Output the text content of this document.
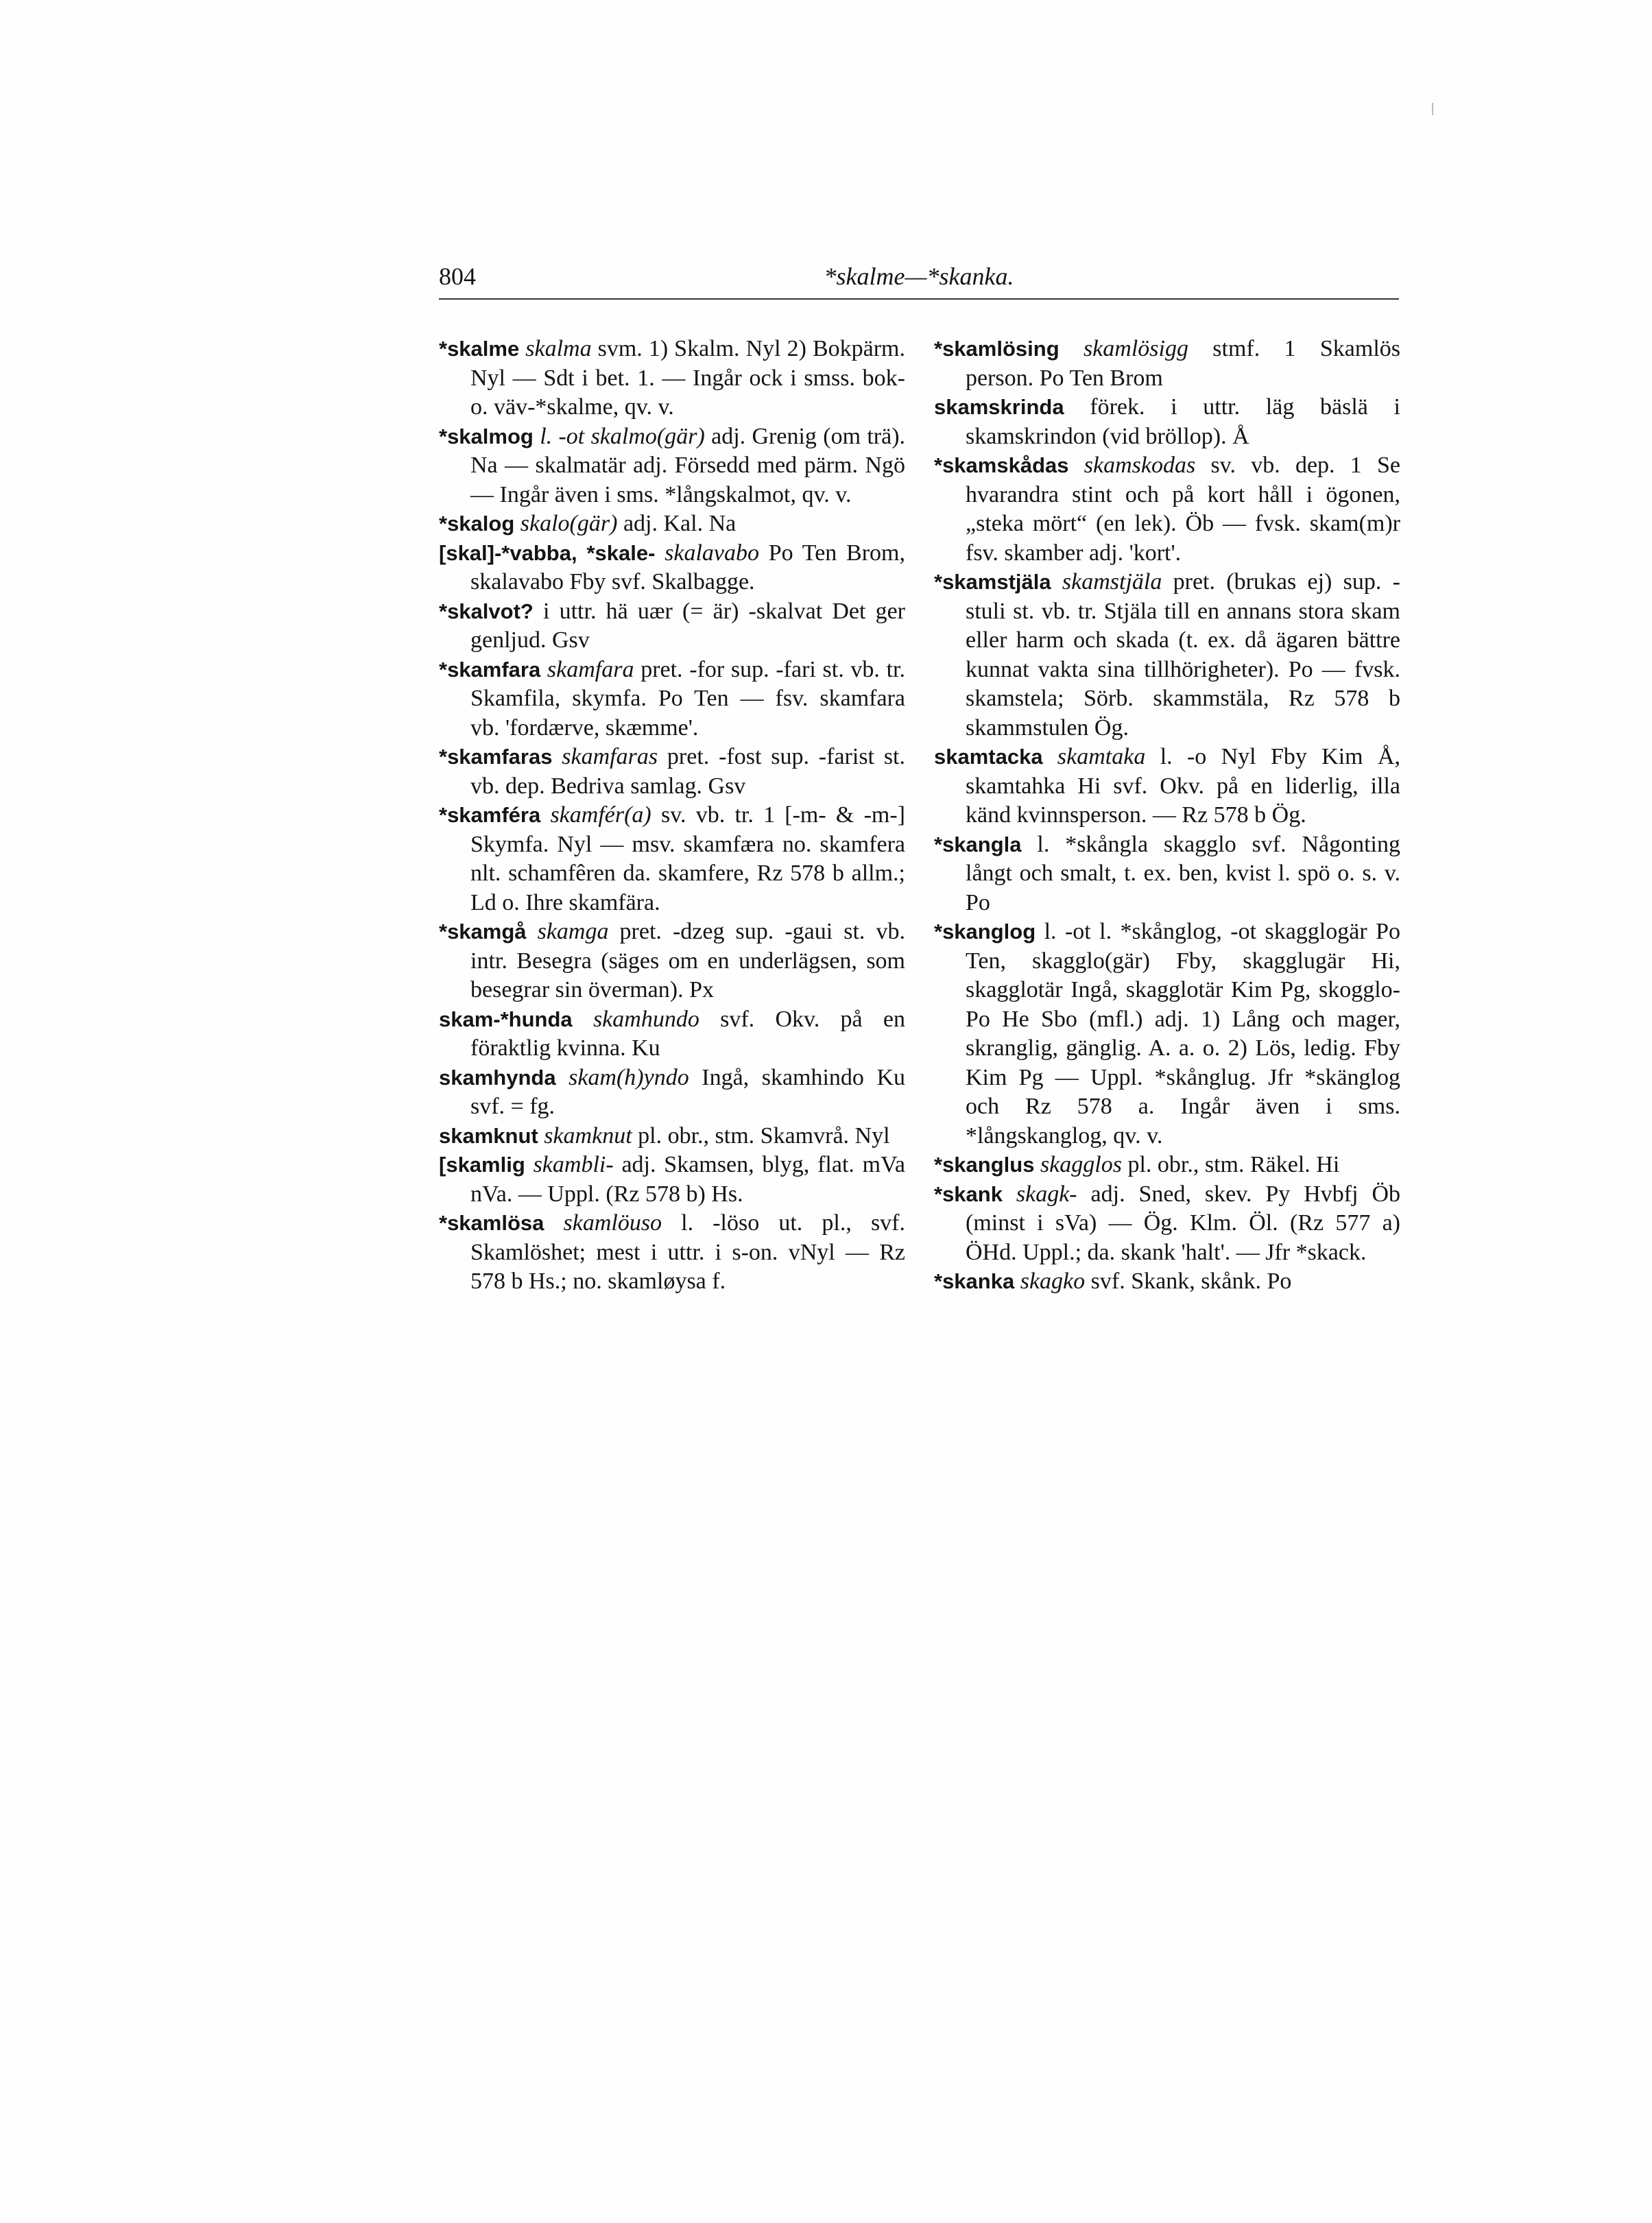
804	*skalme—*skanka.

*skalme skalma svm. 1) Skalm. Nyl 2) Bokpärm. Nyl — Sdt i bet. 1. — Ingår ock i smss. bok- o. väv-*skalme, qv. v.

*skalmog l. -ot skalmo(gär) adj. Grenig (om trä). Na — skalmatär adj. Försedd med pärm. Ngö — Ingår även i sms. *långskalmot, qv. v.

*skalog skalo(gär) adj. Kal. Na

[skal]-*vabba, *skale- skalavabo Po Ten Brom, skalavabo Fby svf. Skalbagge.

*skalvot? i uttr. hä uær (= är) -skalvat Det ger genljud. Gsv

*skamfara skamfara pret. -for sup. -fari st. vb. tr. Skamfila, skymfa. Po Ten — fsv. skamfara vb. 'fordærve, skæmme'.

*skamfaras skamfaras pret. -fost sup. -farist st. vb. dep. Bedriva samlag. Gsv

*skamféra skamfér(a) sv. vb. tr. 1 [-m- & -m-] Skymfa. Nyl — msv. skamfæra no. skamfera nlt. schamfêren da. skamfere, Rz 578 b allm.; Ld o. Ihre skamfära.

*skamgå skamga pret. -dzeg sup. -gaui st. vb. intr. Besegra (säges om en underlägsen, som besegrar sin överman). Px

skam-*hunda skamhundo svf. Okv. på en föraktlig kvinna. Ku

skamhynda skam(h)yndo Ingå, skamhindo Ku svf. = fg.

skamknut skamknut pl. obr., stm. Skamvrå. Nyl

[skamlig skambli- adj. Skamsen, blyg, flat. mVa nVa. — Uppl. (Rz 578 b) Hs.

*skamlösa skamlöuso l. -löso ut. pl., svf. Skamlöshet; mest i uttr. i s-on. vNyl — Rz 578 b Hs.; no. skamløysa f.

*skamlösing skamlösigg stmf. 1 Skamlös person. Po Ten Brom

skamskrinda förek. i uttr. läg bäslä i skamskrindon (vid bröllop). Å

*skamskådas skamskodas sv. vb. dep. 1 Se hvarandra stint och på kort håll i ögonen, „steka mört“ (en lek). Öb — fvsk. skam(m)r fsv. skamber adj. 'kort'.

*skamstjäla skamstjäla pret. (brukas ej) sup. -stuli st. vb. tr. Stjäla till en annans stora skam eller harm och skada (t. ex. då ägaren bättre kunnat vakta sina tillhörigheter). Po — fvsk. skamstela; Sörb. skammstäla, Rz 578 b skammstulen Ög.

skamtacka skamtaka l. -o Nyl Fby Kim Å, skamtahka Hi svf. Okv. på en liderlig, illa känd kvinnsperson. — Rz 578 b Ög.

*skangla l. *skångla skagglo svf. Någonting långt och smalt, t. ex. ben, kvist l. spö o. s. v. Po

*skanglog l. -ot l. *skånglog, -ot skagglogär Po Ten, skagglo(gär) Fby, skagglugär Hi, skagglotär Ingå, skagglotär Kim Pg, skogglo- Po He Sbo (mfl.) adj. 1) Lång och mager, skranglig, gänglig. A. a. o. 2) Lös, ledig. Fby Kim Pg — Uppl. *skånglug. Jfr *skänglog och Rz 578 a. Ingår även i sms. *långskanglog, qv. v.

*skanglus skagglos pl. obr., stm. Räkel. Hi

*skank skagk- adj. Sned, skev. Py Hvbfj Öb (minst i sVa) — Ög. Klm. Öl. (Rz 577 a) ÖHd. Uppl.; da. skank 'halt'. — Jfr *skack.

*skanka skagko svf. Skank, skånk. Po
